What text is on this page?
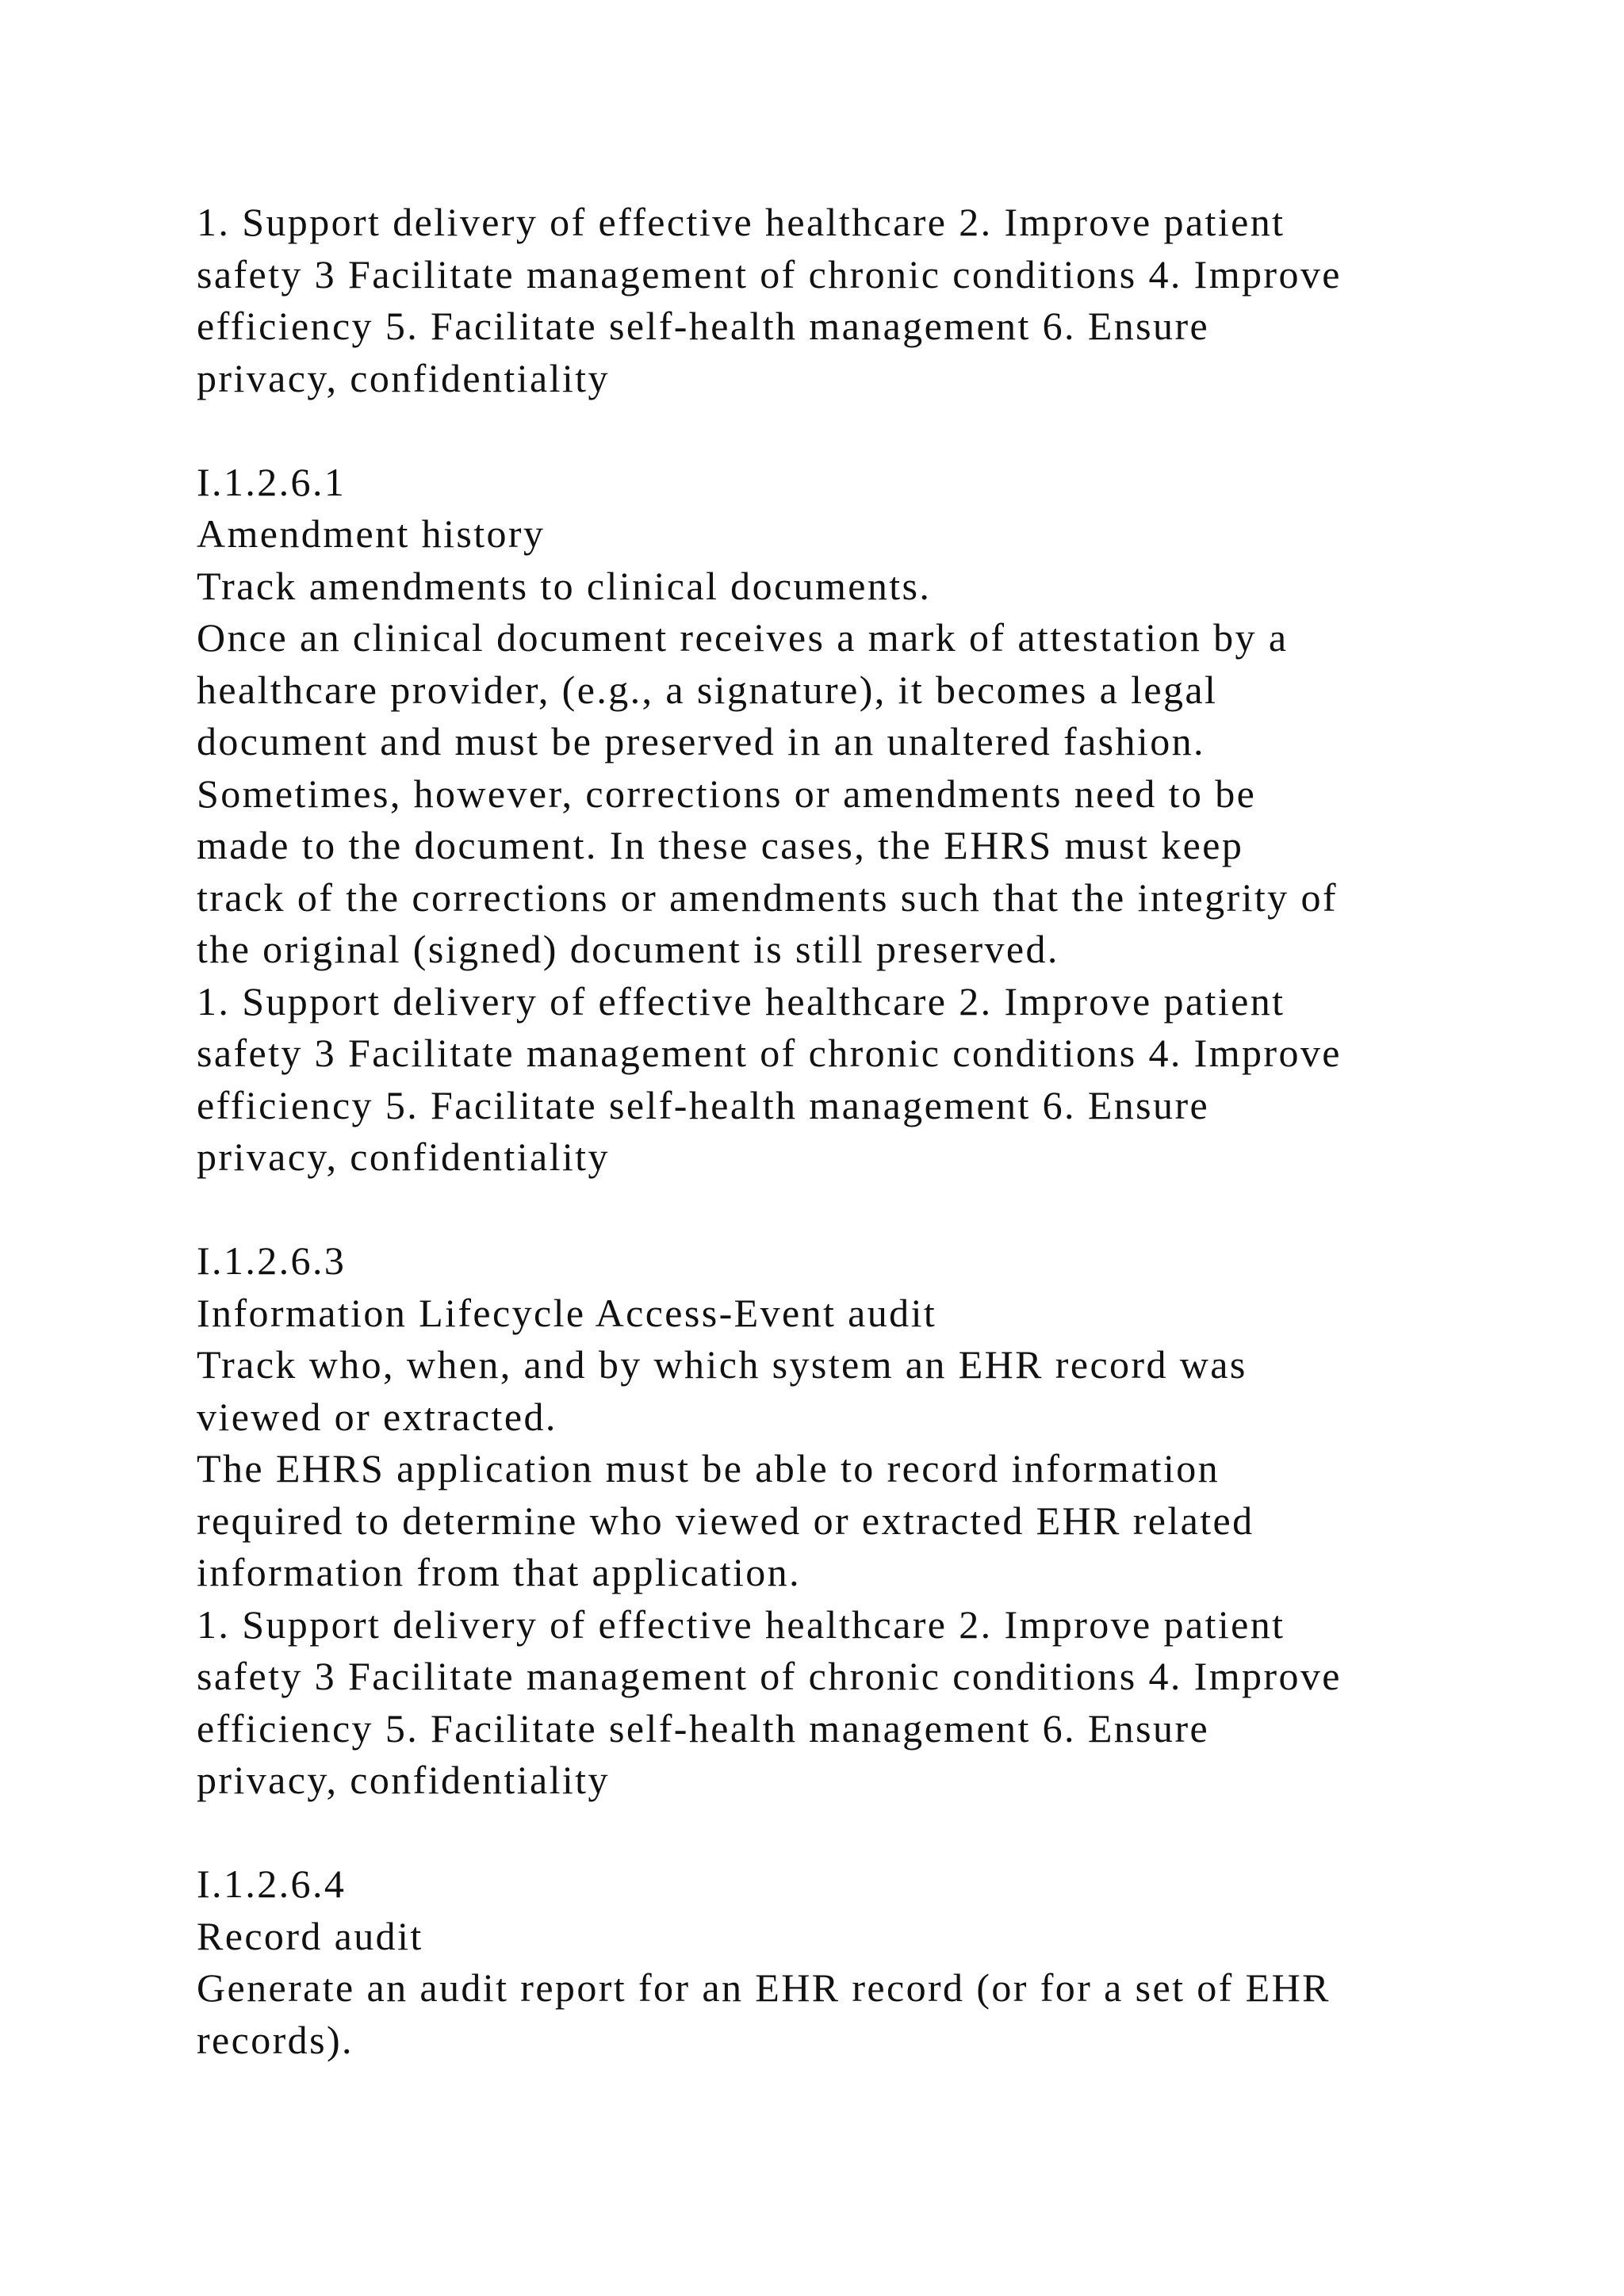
1. Support delivery of effective healthcare 2. Improve patient
safety 3 Facilitate management of chronic conditions 4. Improve
efficiency 5. Facilitate self-health management 6. Ensure
privacy, confidentiality
I.1.2.6.1
Amendment history
Track amendments to clinical documents.
Once an clinical document receives a mark of attestation by a
healthcare provider, (e.g., a signature), it becomes a legal
document and must be preserved in an unaltered fashion.
Sometimes, however, corrections or amendments need to be
made to the document. In these cases, the EHRS must keep
track of the corrections or amendments such that the integrity of
the original (signed) document is still preserved.
1. Support delivery of effective healthcare 2. Improve patient
safety 3 Facilitate management of chronic conditions 4. Improve
efficiency 5. Facilitate self-health management 6. Ensure
privacy, confidentiality
I.1.2.6.3
Information Lifecycle Access-Event audit
Track who, when, and by which system an EHR record was
viewed or extracted.
The EHRS application must be able to record information
required to determine who viewed or extracted EHR related
information from that application.
1. Support delivery of effective healthcare 2. Improve patient
safety 3 Facilitate management of chronic conditions 4. Improve
efficiency 5. Facilitate self-health management 6. Ensure
privacy, confidentiality
I.1.2.6.4
Record audit
Generate an audit report for an EHR record (or for a set of EHR
records).
